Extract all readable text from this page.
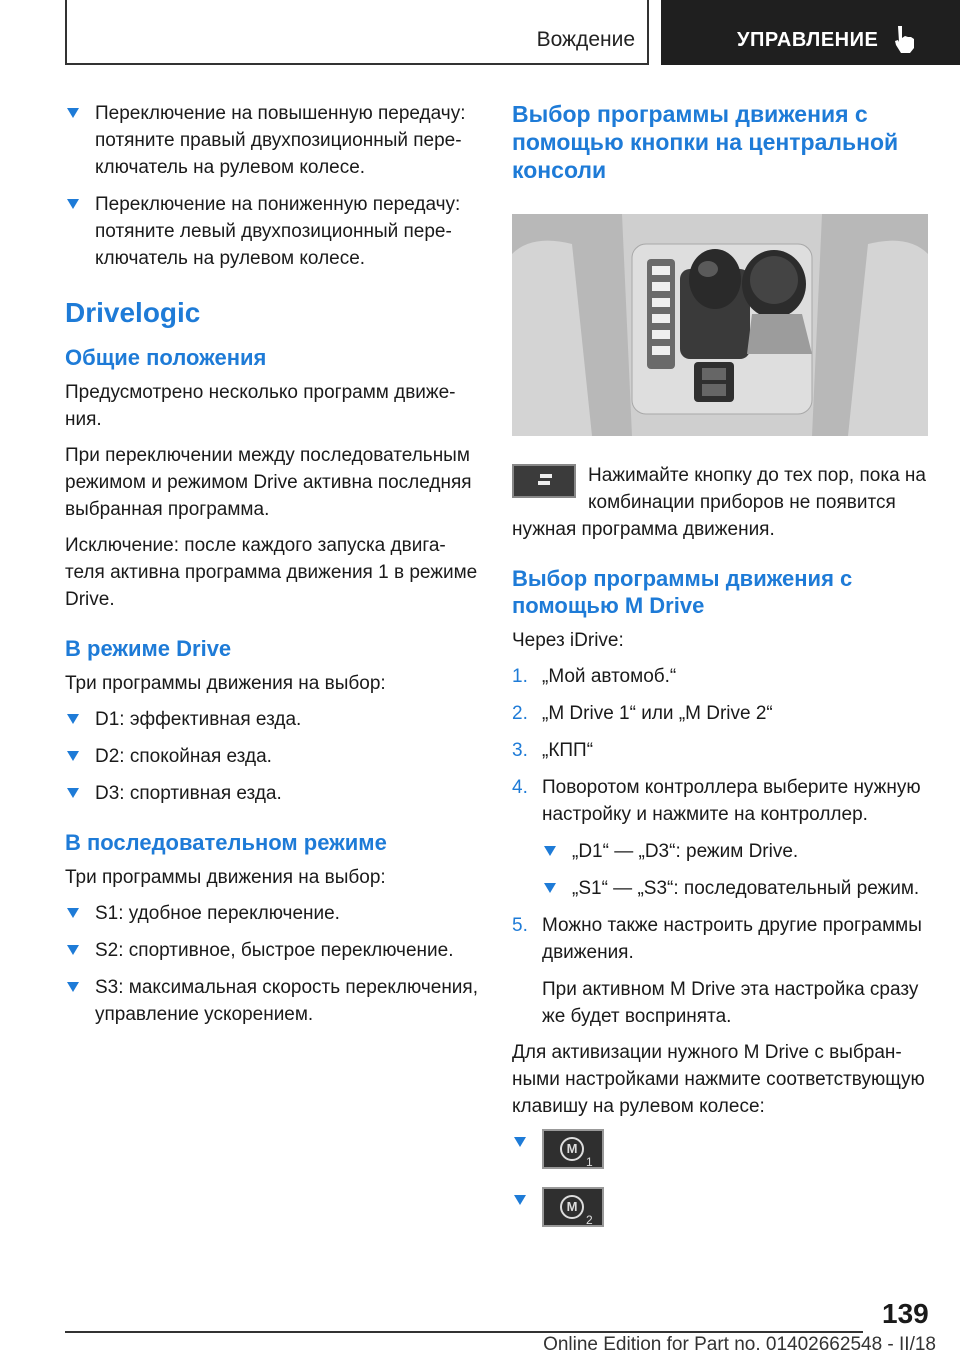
Вождение	УПРАВЛЕНИЕ
Переключение на повышенную передачу: потяните правый двухпозиционный пере-ключатель на рулевом колесе.
Переключение на пониженную передачу: потяните левый двухпозиционный пере-ключатель на рулевом колесе.
Drivelogic
Общие положения
Предусмотрено несколько программ движе-ния.
При переключении между последовательным режимом и режимом Drive активна последняя выбранная программа.
Исключение: после каждого запуска двига-теля активна программа движения 1 в режиме Drive.
В режиме Drive
Три программы движения на выбор:
D1: эффективная езда.
D2: спокойная езда.
D3: спортивная езда.
В последовательном режиме
Три программы движения на выбор:
S1: удобное переключение.
S2: спортивное, быстрое переключение.
S3: максимальная скорость переключения, управление ускорением.
Выбор программы движения с помощью кнопки на центральной консоли
Нажимайте кнопку до тех пор, пока на комбинации приборов не появится
нужная программа движения.
Выбор программы движения с помощью M Drive
Через iDrive:
1. „Мой автомоб.“
2. „M Drive 1“ или „M Drive 2“
3. „КПП“
4. Поворотом контроллера выберите нужную настройку и нажмите на контроллер.
„D1“ — „D3“: режим Drive.
„S1“ — „S3“: последовательный режим.
5. Можно также настроить другие программы движения.
При активном M Drive эта настройка сразу же будет воспринята.
Для активизации нужного M Drive с выбран-ными настройками нажмите соответствующую клавишу на рулевом колесе:
M
1
M
2
139
Online Edition for Part no. 01402662548 - II/18
